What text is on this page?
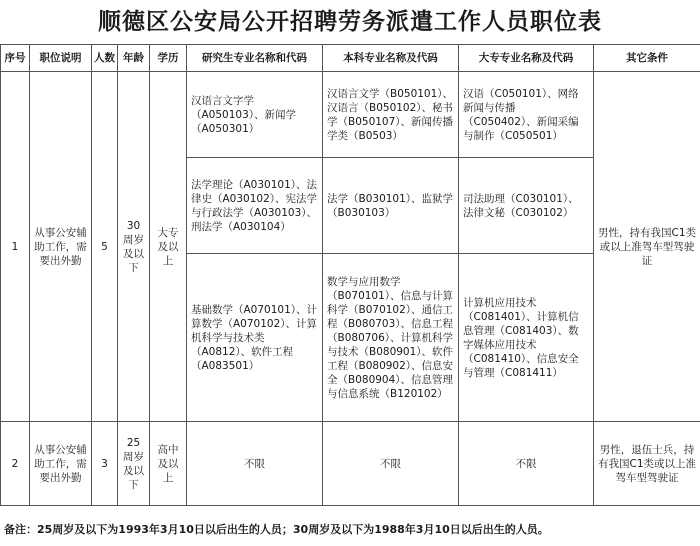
顺德区公安局公开招聘劳务派遣工作人员职位表
序号	职位说明	人数	年龄	学历	研究生专业名称和代码	本科专业名称及代码	大专专业名称及代码	其它条件
1	从事公安辅助工作，需要出外勤	5	30周岁及以下	大专及以上	汉语言文字学（A050103）、新闻学（A050301）	汉语言文学（B050101）、汉语言（B050102）、秘书学（B050107）、新闻传播学类（B0503）	汉语（C050101）、网络新闻与传播（C050402）、新闻采编与制作（C050501）	男性，持有我国C1类或以上准驾车型驾驶证
					法学理论（A030101）、法律史（A030102）、宪法学与行政法学（A030103）、刑法学（A030104）	法学（B030101）、监狱学（B030103）	司法助理（C030101）、法律文秘（C030102）	
					基础数学（A070101）、计算数学（A070102）、计算机科学与技术类（A0812）、软件工程（A083501）	数学与应用数学（B070101）、信息与计算科学（B070102）、通信工程（B080703）、信息工程（B080706）、计算机科学与技术（B080901）、软件工程（B080902）、信息安全（B080904）、信息管理与信息系统（B120102）	计算机应用技术（C081401）、计算机信息管理（C081403）、数字媒体应用技术（C081410）、信息安全与管理（C081411）	
2	从事公安辅助工作，需要出外勤	3	25周岁及以下	高中及以上	不限	不限	不限	男性，退伍士兵，持有我国C1类或以上准驾车型驾驶证
备注：25周岁及以下为1993年3月10日以后出生的人员；30周岁及以下为1988年3月10日以后出生的人员。
